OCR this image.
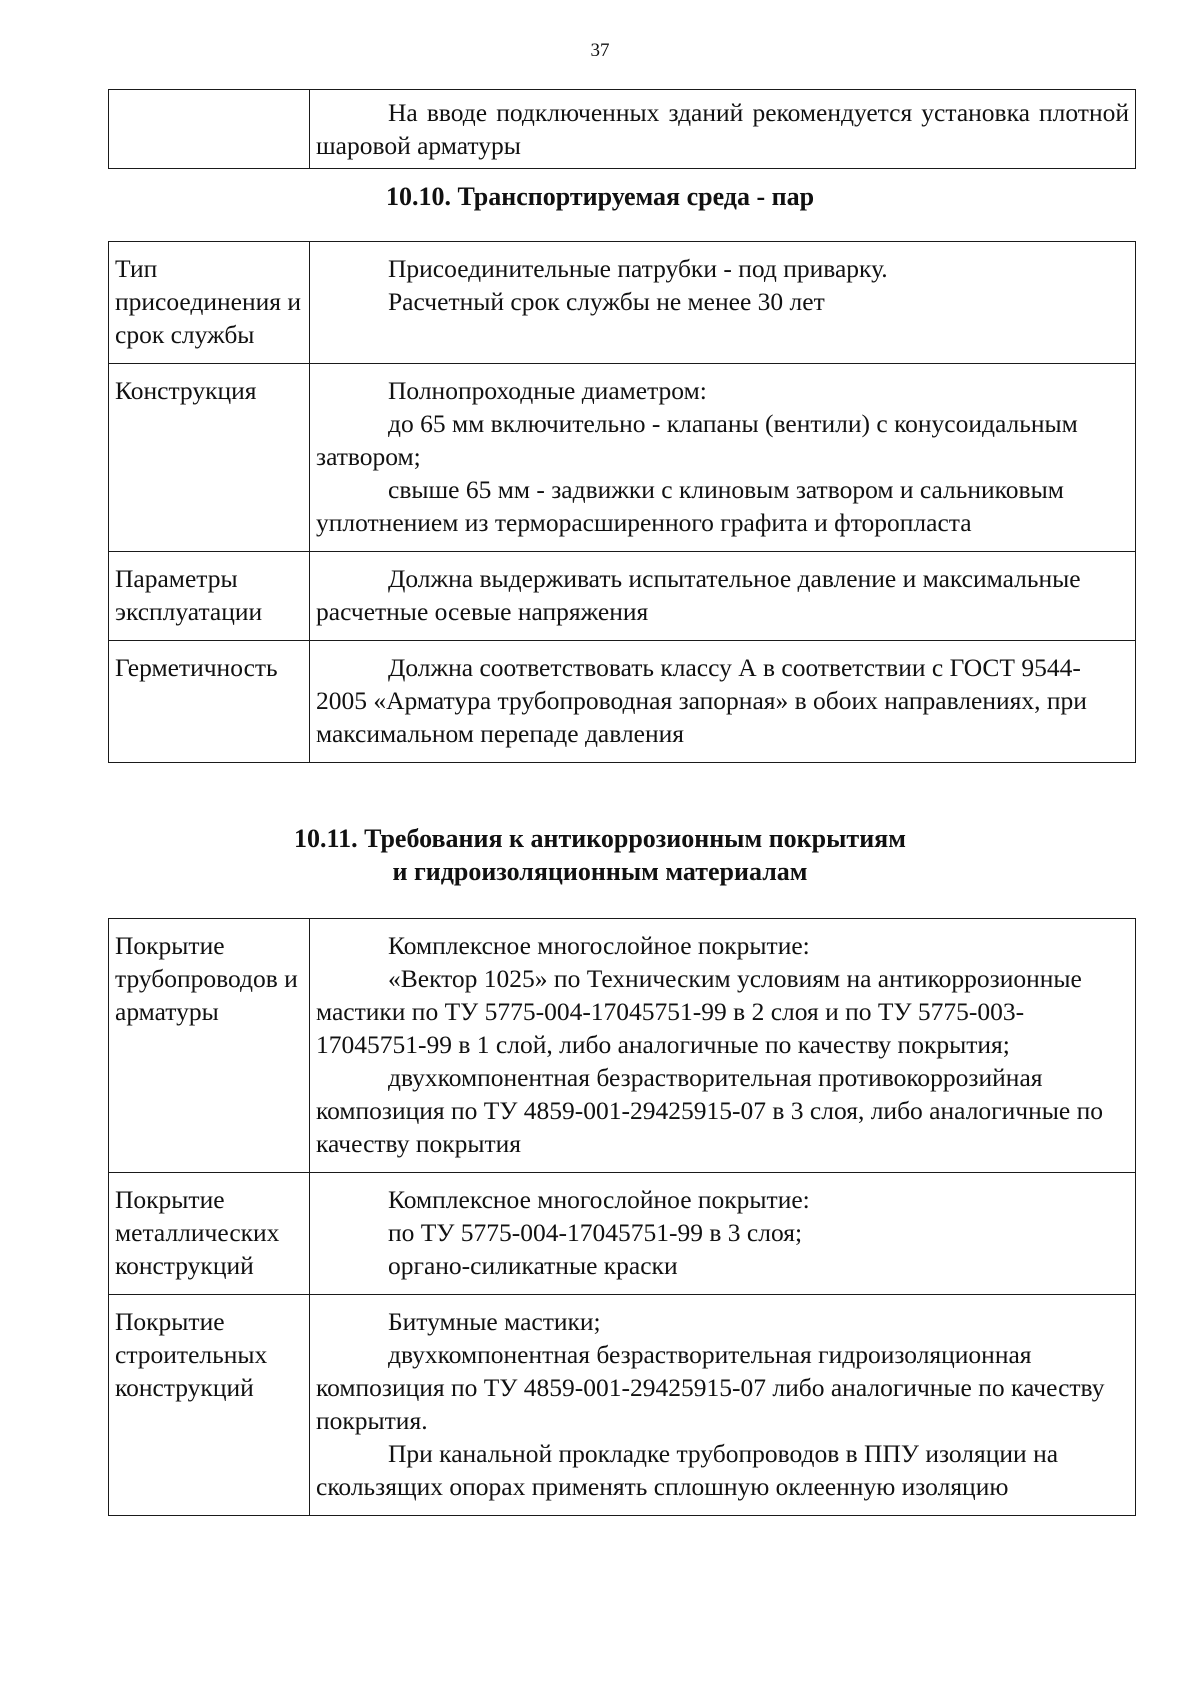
37

На вводе подключенных зданий рекомендуется установка плотной шаровой арматуры

10.10. Транспортируемая среда - пар
Тип присоединения и срок службы	Присоединительные патрубки - под приварку.

Расчетный срок службы не менее 30 лет

Конструкция	Полнопроходные диаметром:

до 65 мм включительно - клапаны (вентили) с конусоидальным затвором;

свыше 65 мм - задвижки с клиновым затвором и сальниковым уплотнением из терморасширенного графита и фторопласта

Параметры эксплуатации	Должна выдерживать испытательное давление и максимальные расчетные осевые напряжения

Герметичность	Должна соответствовать классу А в соответствии с ГОСТ 9544-2005 «Арматура трубопроводная запорная» в обоих направлениях, при максимальном перепаде давления

10.11. Требования к антикоррозионным покрытиям
и гидроизоляционным материалам
Покрытие трубопроводов и арматуры	Комплексное многослойное покрытие:

«Вектор 1025» по Техническим условиям на антикоррозионные мастики по ТУ 5775-004-17045751-99 в 2 слоя и по ТУ 5775-003-17045751-99 в 1 слой, либо аналогичные по качеству покрытия;

двухкомпонентная безрастворительная противокоррозийная композиция по ТУ 4859-001-29425915-07 в 3 слоя, либо аналогичные по качеству покрытия

Покрытие металлических конструкций	Комплексное многослойное покрытие:

по ТУ 5775-004-17045751-99 в 3 слоя;

органо-силикатные краски

Покрытие строительных конструкций	Битумные мастики;

двухкомпонентная безрастворительная гидроизоляционная композиция по ТУ 4859-001-29425915-07 либо аналогичные по качеству покрытия.

При канальной прокладке трубопроводов в ППУ изоляции на скользящих опорах применять сплошную оклеенную изоляцию
